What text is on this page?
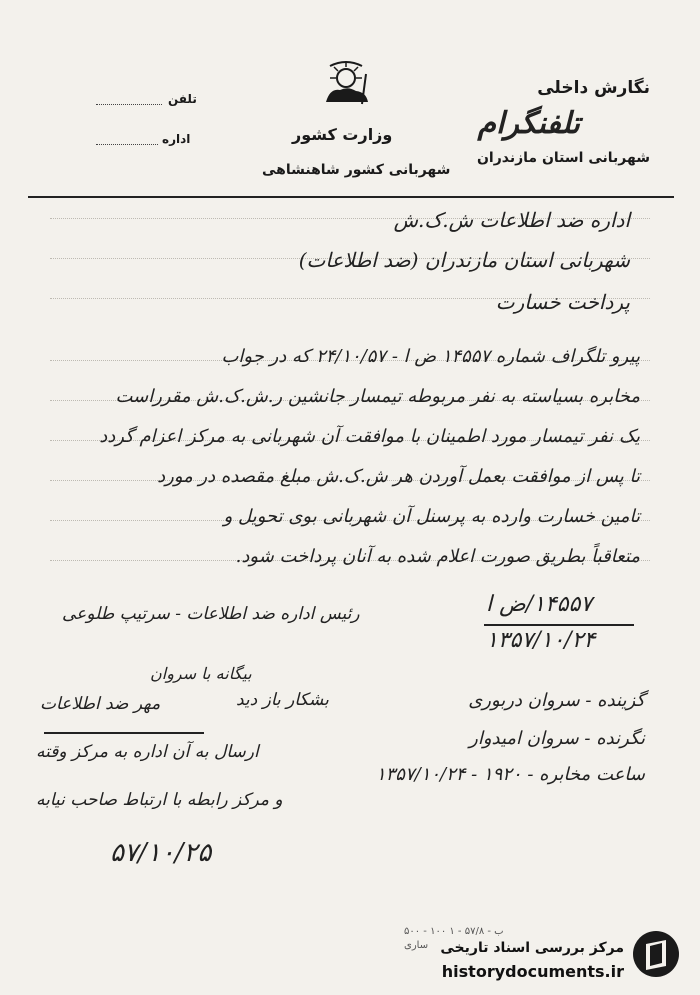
نگارش داخلی
تلفنگرام
تلفن
اداره	وزارت کشور
شهربانی کشور شاهنشاهی
شهربانی استان مازندران
اداره ضد اطلاعات ش.ک.ش
شهربانی استان مازندران (ضد اطلاعات)
پرداخت خسارت
پیرو تلگراف شماره ۱۴۵۵۷ ض ا - ۲۴/۱۰/۵۷ که در جواب
مخابره بسیاسته به نفر مربوطه تیمسار جانشین ر.ش.ک.ش مقرراست
یک نفر تیمسار مورد اطمینان با موافقت آن شهربانی به مرکز اعزام گردد
تا پس از موافقت بعمل آوردن هر ش.ک.ش مبلغ مقصده در مورد
تامین خسارت وارده به پرسنل آن شهربانی بوی تحویل و
متعاقباً بطریق صورت اعلام شده به آنان پرداخت شود.
۱۴۵۵۷/ض ا
۱۳۵۷/۱۰/۲۴
رئیس اداره ضد اطلاعات - سرتیپ طلوعی
گزینده - سروان دربوری
نگرنده - سروان امیدوار
ساعت مخابره - ۱۹۲۰ - ۱۳۵۷/۱۰/۲۴
بیگانه با سروان
بشکار باز دید
مهر ضد اطلاعات
ارسال به آن اداره به مرکز وقته
و مرکز رابطه با ارتباط صاحب نیابه
۵۷/۱۰/۲۵
۵۰۰ - ۱۰۰ ب - ۵۷/۸ - ۱
ساری مرکز بررسی اسناد تاریخی
historydocuments.ir
